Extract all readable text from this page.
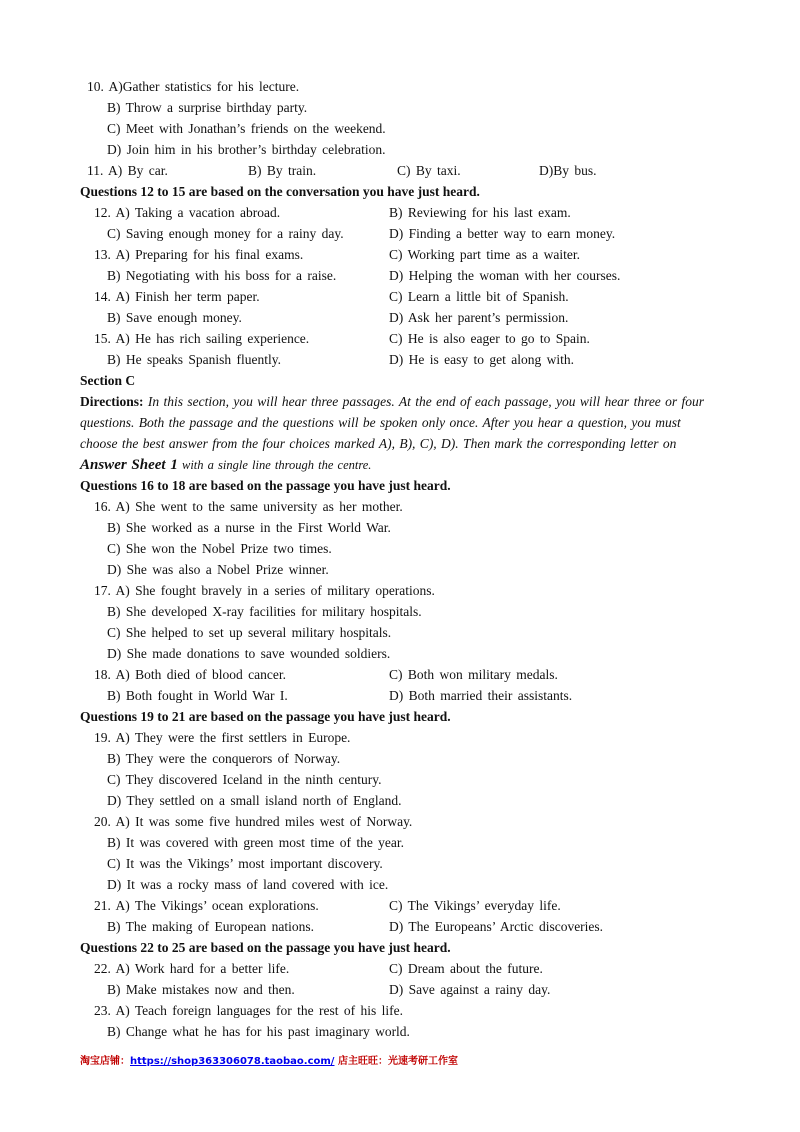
10. A)Gather statistics for his lecture.
B) Throw a surprise birthday party.
C) Meet with Jonathan’s friends on the weekend.
D) Join him in his brother’s birthday celebration.
11. A) By car.	B) By train.	C) By taxi.	D)By bus.
Questions 12 to 15 are based on the conversation you have just heard.
12. A) Taking a vacation abroad.	B) Reviewing for his last exam.
C) Saving enough money for a rainy day.	D) Finding a better way to earn money.
13. A) Preparing for his final exams.	C) Working part time as a waiter.
B) Negotiating with his boss for a raise.	D) Helping the woman with her courses.
14. A) Finish her term paper.	C) Learn a little bit of Spanish.
B) Save enough money.	D) Ask her parent’s permission.
15. A) He has rich sailing experience.	C) He is also eager to go to Spain.
B) He speaks Spanish fluently.	D) He is easy to get along with.
Section C
Directions: In this section, you will hear three passages. At the end of each passage, you will hear three or four
questions. Both the passage and the questions will be spoken only once. After you hear a question, you must
choose the best answer from the four choices marked A), B), C), D). Then mark the corresponding letter on
Answer Sheet 1 with a single line through the centre.
Questions 16 to 18 are based on the passage you have just heard.
16. A) She went to the same university as her mother.
B) She worked as a nurse in the First World War.
C) She won the Nobel Prize two times.
D) She was also a Nobel Prize winner.
17. A) She fought bravely in a series of military operations.
B) She developed X-ray facilities for military hospitals.
C) She helped to set up several military hospitals.
D) She made donations to save wounded soldiers.
18. A) Both died of blood cancer.	C) Both won military medals.
B) Both fought in World War I.	D) Both married their assistants.
Questions 19 to 21 are based on the passage you have just heard.
19. A) They were the first settlers in Europe.
B) They were the conquerors of Norway.
C) They discovered Iceland in the ninth century.
D) They settled on a small island north of England.
20. A) It was some five hundred miles west of Norway.
B) It was covered with green most time of the year.
C) It was the Vikings’ most important discovery.
D) It was a rocky mass of land covered with ice.
21. A) The Vikings’ ocean explorations.	C) The Vikings’ everyday life.
B) The making of European nations.	D) The Europeans’ Arctic discoveries.
Questions 22 to 25 are based on the passage you have just heard.
22. A) Work hard for a better life.	C) Dream about the future.
B) Make mistakes now and then.	D) Save against a rainy day.
23. A) Teach foreign languages for the rest of his life.
B) Change what he has for his past imaginary world.
淘宝店铺：https://shop363306078.taobao.com/ 店主旺旺：光速考研工作室
